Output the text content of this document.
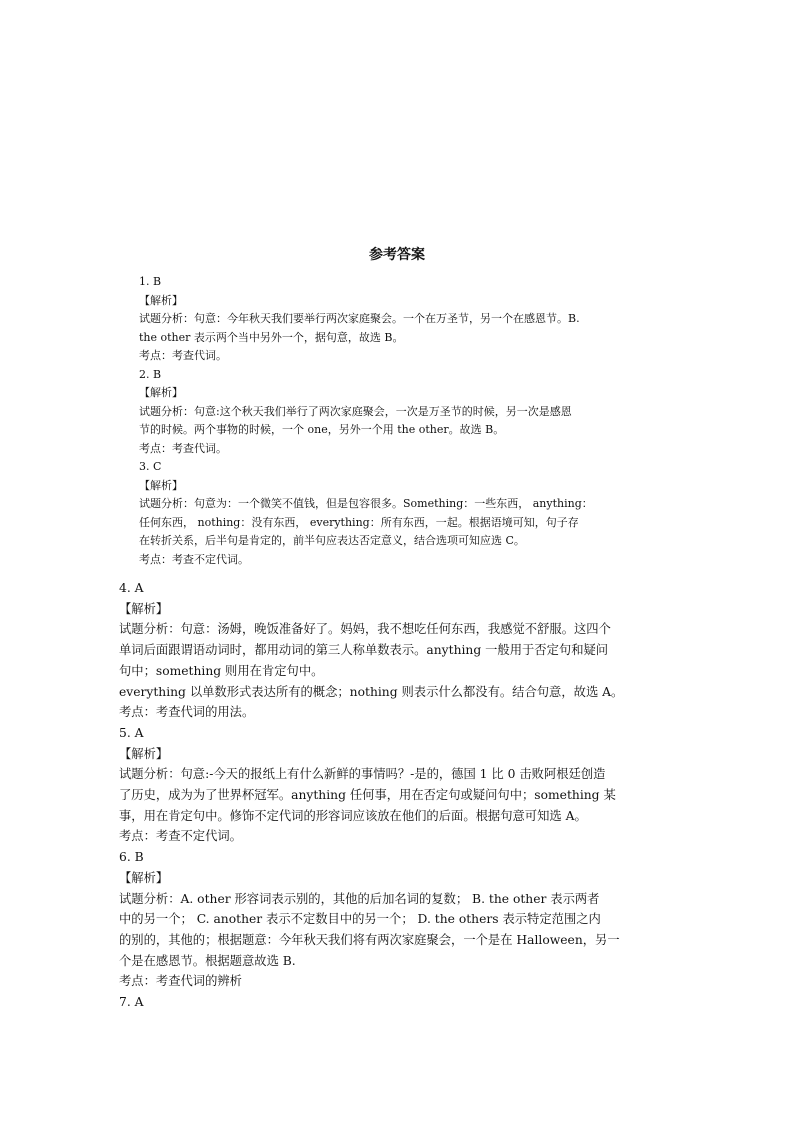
参考答案
1. B
【解析】
试题分析：句意：今年秋天我们要举行两次家庭聚会。一个在万圣节，另一个在感恩节。B.
the other 表示两个当中另外一个，据句意，故选 B。
考点：考查代词。
2. B
【解析】
试题分析：句意:这个秋天我们举行了两次家庭聚会，一次是万圣节的时候，另一次是感恩
节的时候。两个事物的时候，一个 one，另外一个用 the other。故选 B。
考点：考查代词。
3. C
【解析】
试题分析：句意为：一个微笑不值钱，但是包容很多。Something：一些东西， anything：
任何东西， nothing：没有东西， everything：所有东西，一起。根据语境可知，句子存
在转折关系，后半句是肯定的，前半句应表达否定意义，结合选项可知应选 C。
考点：考查不定代词。
4. A
【解析】
试题分析：句意：汤姆，晚饭准备好了。妈妈，我不想吃任何东西，我感觉不舒服。这四个
单词后面跟谓语动词时，都用动词的第三人称单数表示。anything 一般用于否定句和疑问
句中；something 则用在肯定句中。
everything 以单数形式表达所有的概念；nothing 则表示什么都没有。结合句意，故选 A。
考点：考查代词的用法。
5. A
【解析】
试题分析：句意:-今天的报纸上有什么新鲜的事情吗？-是的，德国 1 比 0 击败阿根廷创造
了历史，成为为了世界杯冠军。anything 任何事，用在否定句或疑问句中；something 某
事，用在肯定句中。修饰不定代词的形容词应该放在他们的后面。根据句意可知选 A。
考点：考查不定代词。
6. B
【解析】
试题分析：A. other 形容词表示别的，其他的后加名词的复数； B. the other 表示两者
中的另一个； C. another 表示不定数目中的另一个； D. the others 表示特定范围之内
的别的，其他的；根据题意：今年秋天我们将有两次家庭聚会，一个是在 Halloween，另一
个是在感恩节。根据题意故选 B.
考点：考查代词的辨析
7. A
